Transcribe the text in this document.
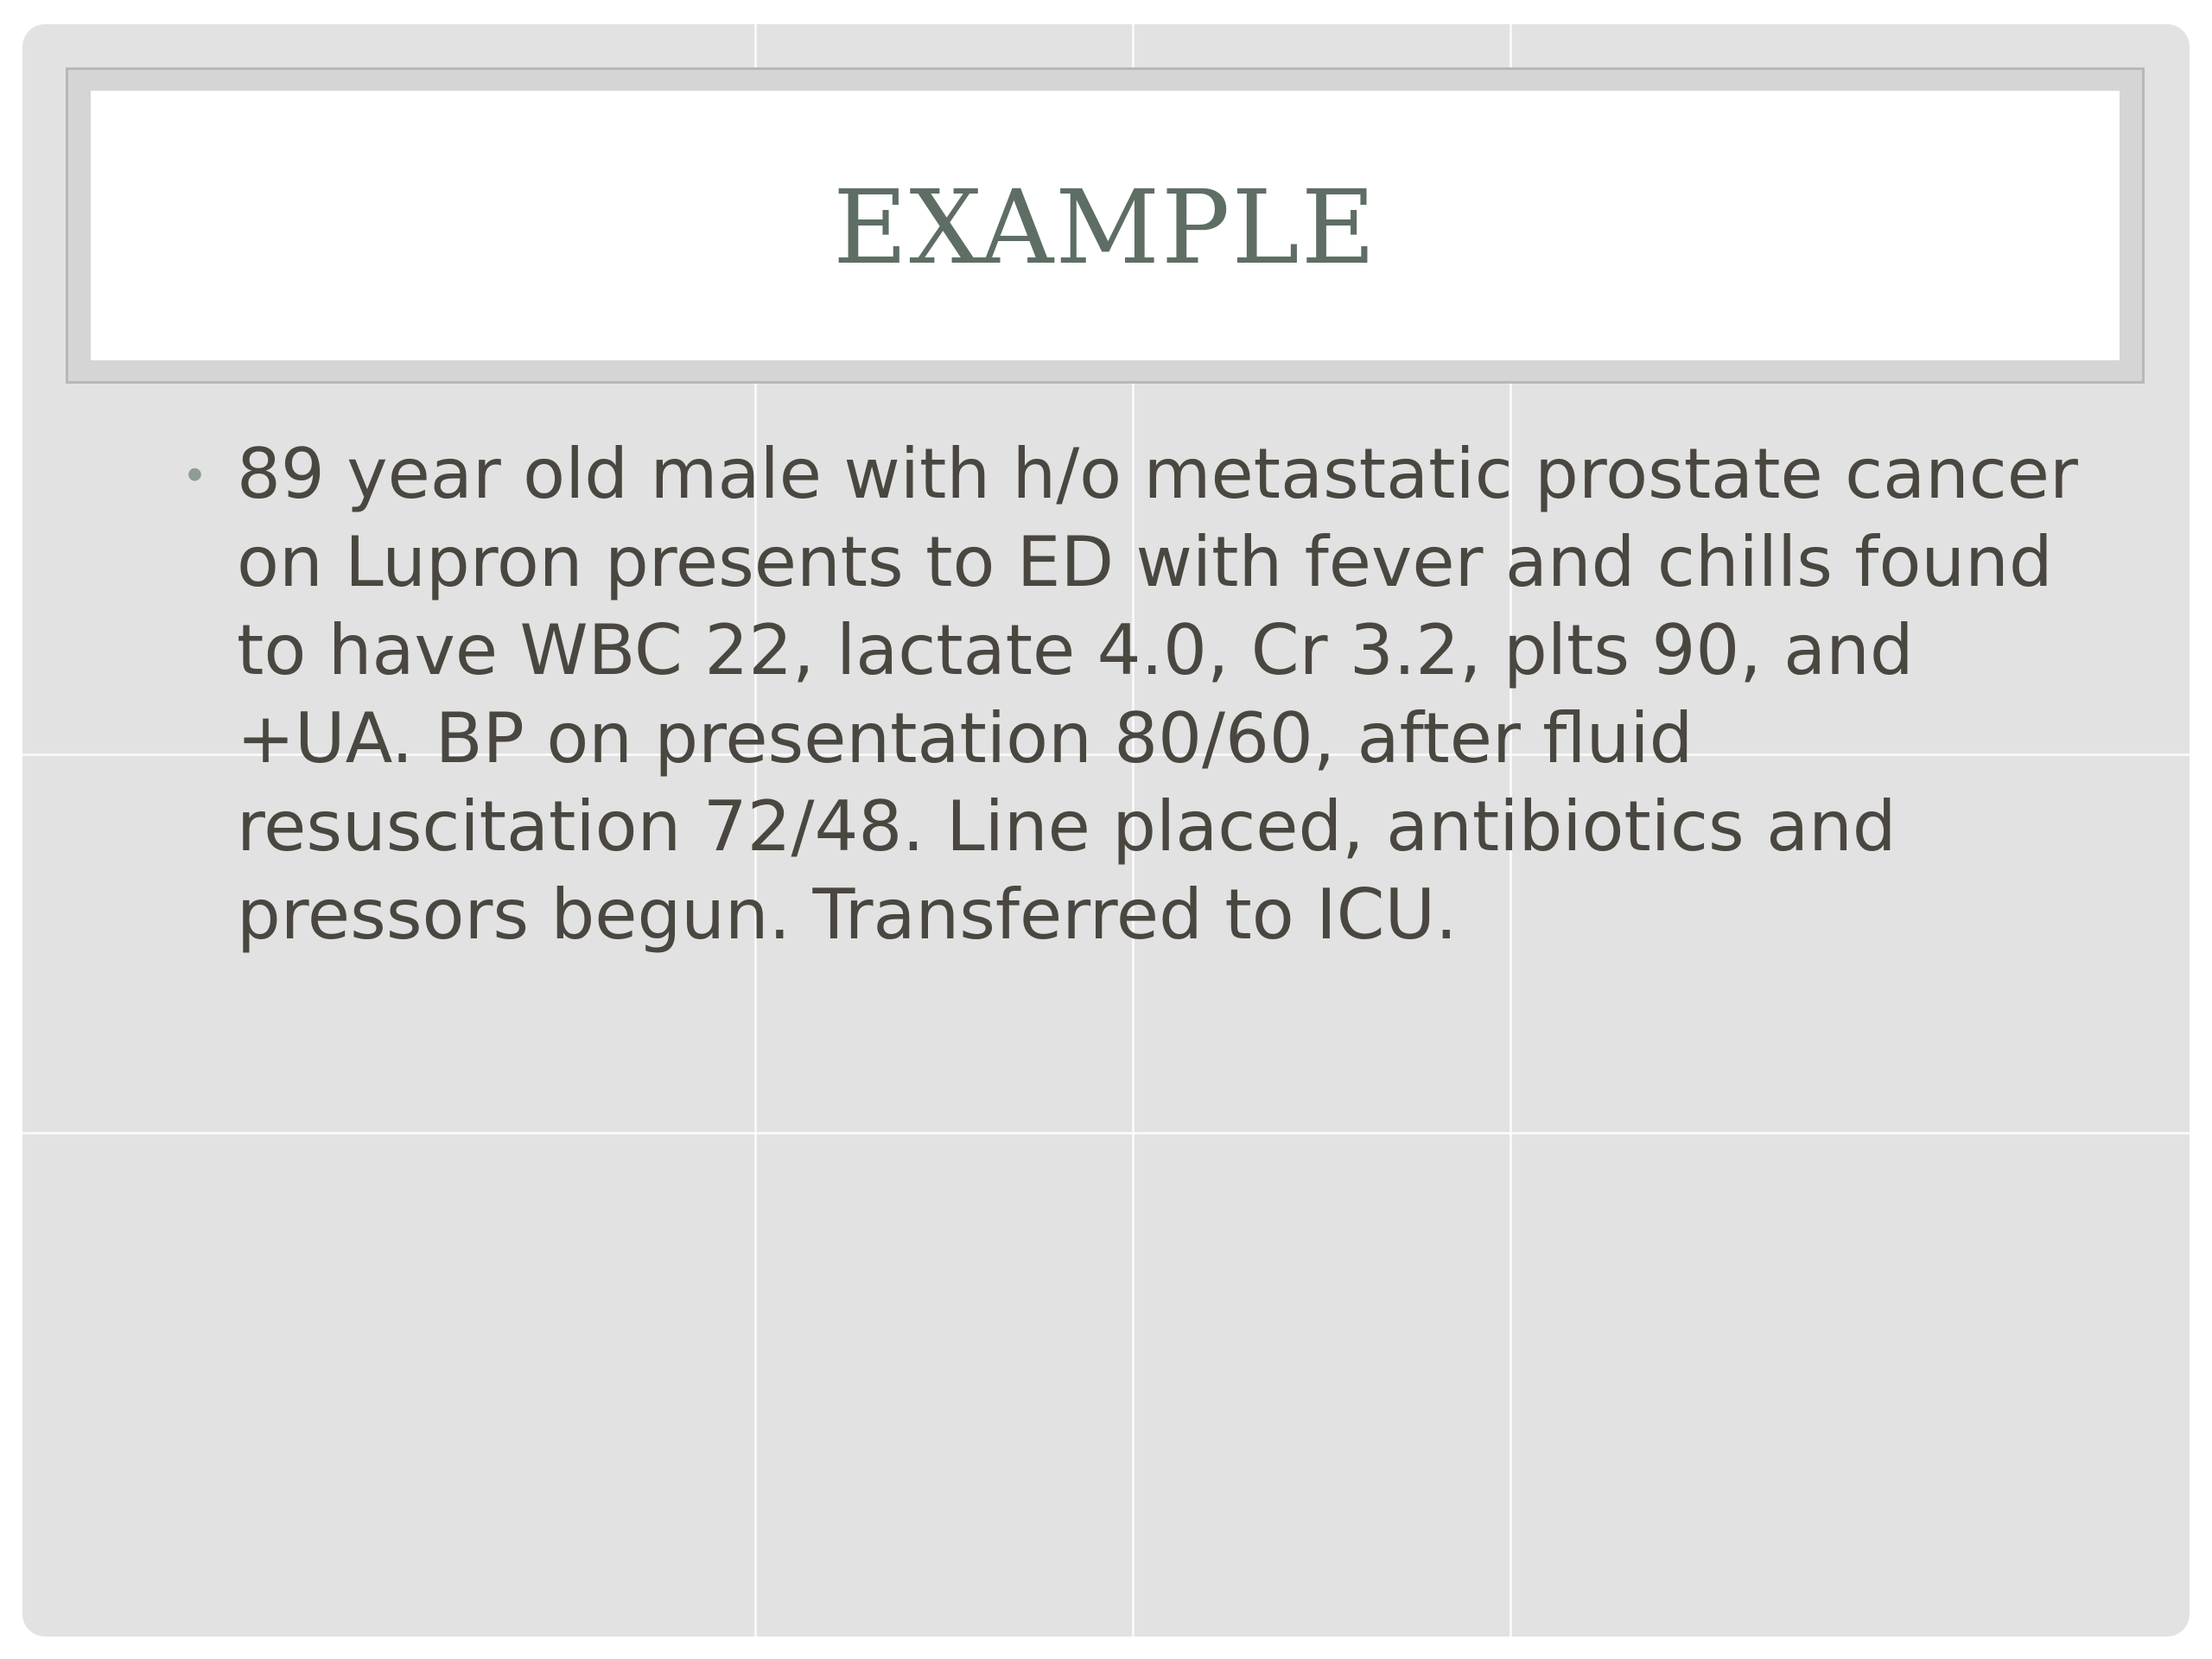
EXAMPLE
• 89 year old male with h/o metastatic prostate cancer on Lupron presents to ED with fever and chills found to have WBC 22, lactate 4.0, Cr 3.2, plts 90, and +UA. BP on presentation 80/60, after fluid resuscitation 72/48. Line placed, antibiotics and pressors begun. Transferred to ICU.
